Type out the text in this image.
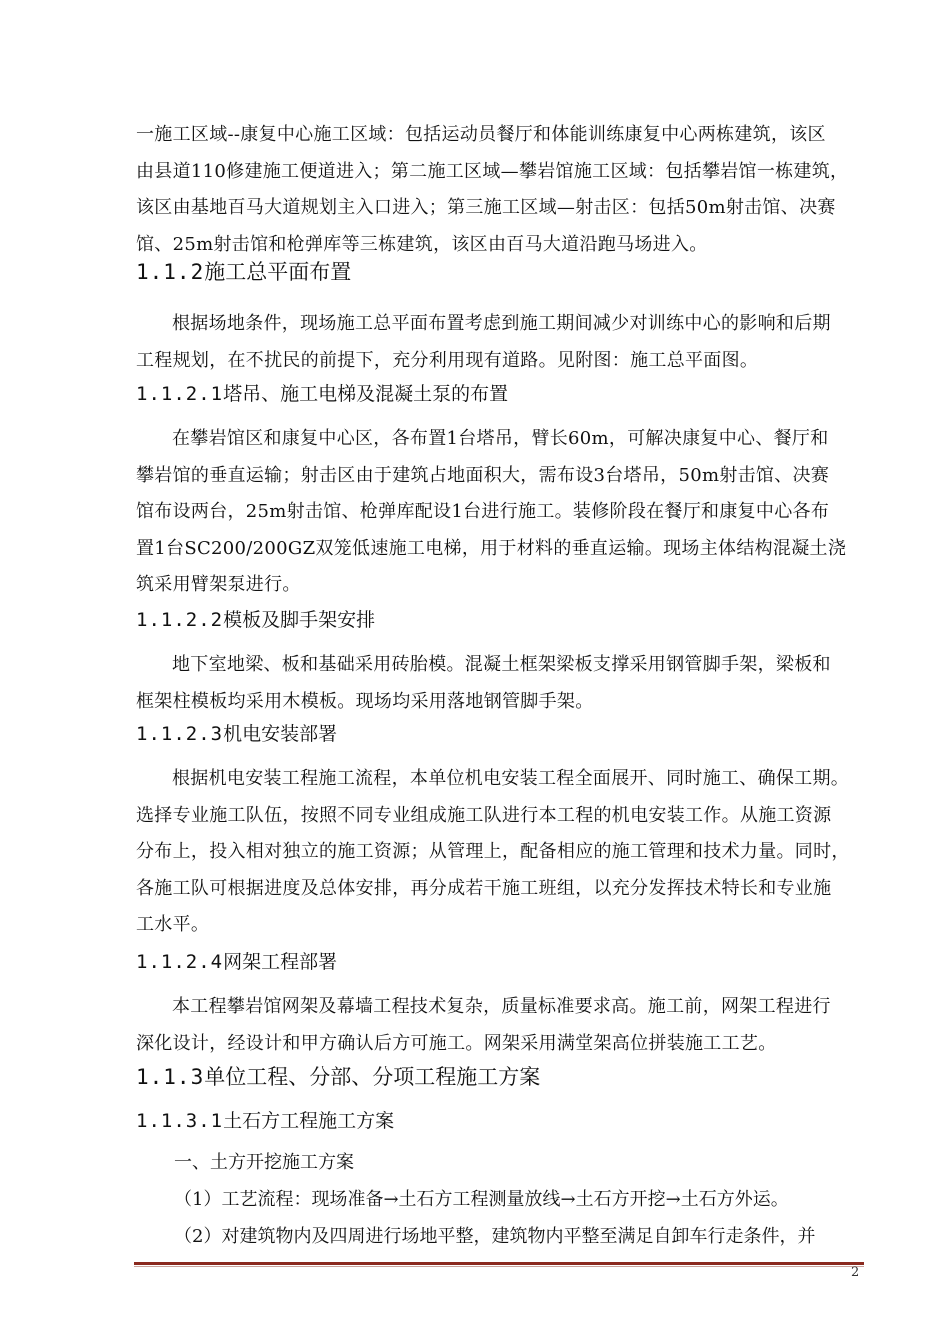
一施工区域--康复中心施工区域：包括运动员餐厅和体能训练康复中心两栋建筑，该区
由县道110修建施工便道进入；第二施工区域—攀岩馆施工区域：包括攀岩馆一栋建筑，
该区由基地百马大道规划主入口进入；第三施工区域—射击区：包括50m射击馆、决赛
馆、25m射击馆和枪弹库等三栋建筑，该区由百马大道沿跑马场进入。
1.1.2施工总平面布置
根据场地条件，现场施工总平面布置考虑到施工期间减少对训练中心的影响和后期
工程规划，在不扰民的前提下，充分利用现有道路。见附图：施工总平面图。
1.1.2.1塔吊、施工电梯及混凝土泵的布置
在攀岩馆区和康复中心区，各布置1台塔吊，臂长60m，可解决康复中心、餐厅和
攀岩馆的垂直运输；射击区由于建筑占地面积大，需布设3台塔吊，50m射击馆、决赛
馆布设两台，25m射击馆、枪弹库配设1台进行施工。装修阶段在餐厅和康复中心各布
置1台SC200/200GZ双笼低速施工电梯，用于材料的垂直运输。现场主体结构混凝土浇
筑采用臂架泵进行。
1.1.2.2模板及脚手架安排
地下室地梁、板和基础采用砖胎模。混凝土框架梁板支撑采用钢管脚手架，梁板和
框架柱模板均采用木模板。现场均采用落地钢管脚手架。
1.1.2.3机电安装部署
根据机电安装工程施工流程，本单位机电安装工程全面展开、同时施工、确保工期。
选择专业施工队伍，按照不同专业组成施工队进行本工程的机电安装工作。从施工资源
分布上，投入相对独立的施工资源；从管理上，配备相应的施工管理和技术力量。同时，
各施工队可根据进度及总体安排，再分成若干施工班组，以充分发挥技术特长和专业施
工水平。
1.1.2.4网架工程部署
本工程攀岩馆网架及幕墙工程技术复杂，质量标准要求高。施工前，网架工程进行
深化设计，经设计和甲方确认后方可施工。网架采用满堂架高位拼装施工工艺。
1.1.3单位工程、分部、分项工程施工方案
1.1.3.1土石方工程施工方案
一、土方开挖施工方案
（1）工艺流程：现场准备→土石方工程测量放线→土石方开挖→土石方外运。
（2）对建筑物内及四周进行场地平整，建筑物内平整至满足自卸车行走条件，并
2
